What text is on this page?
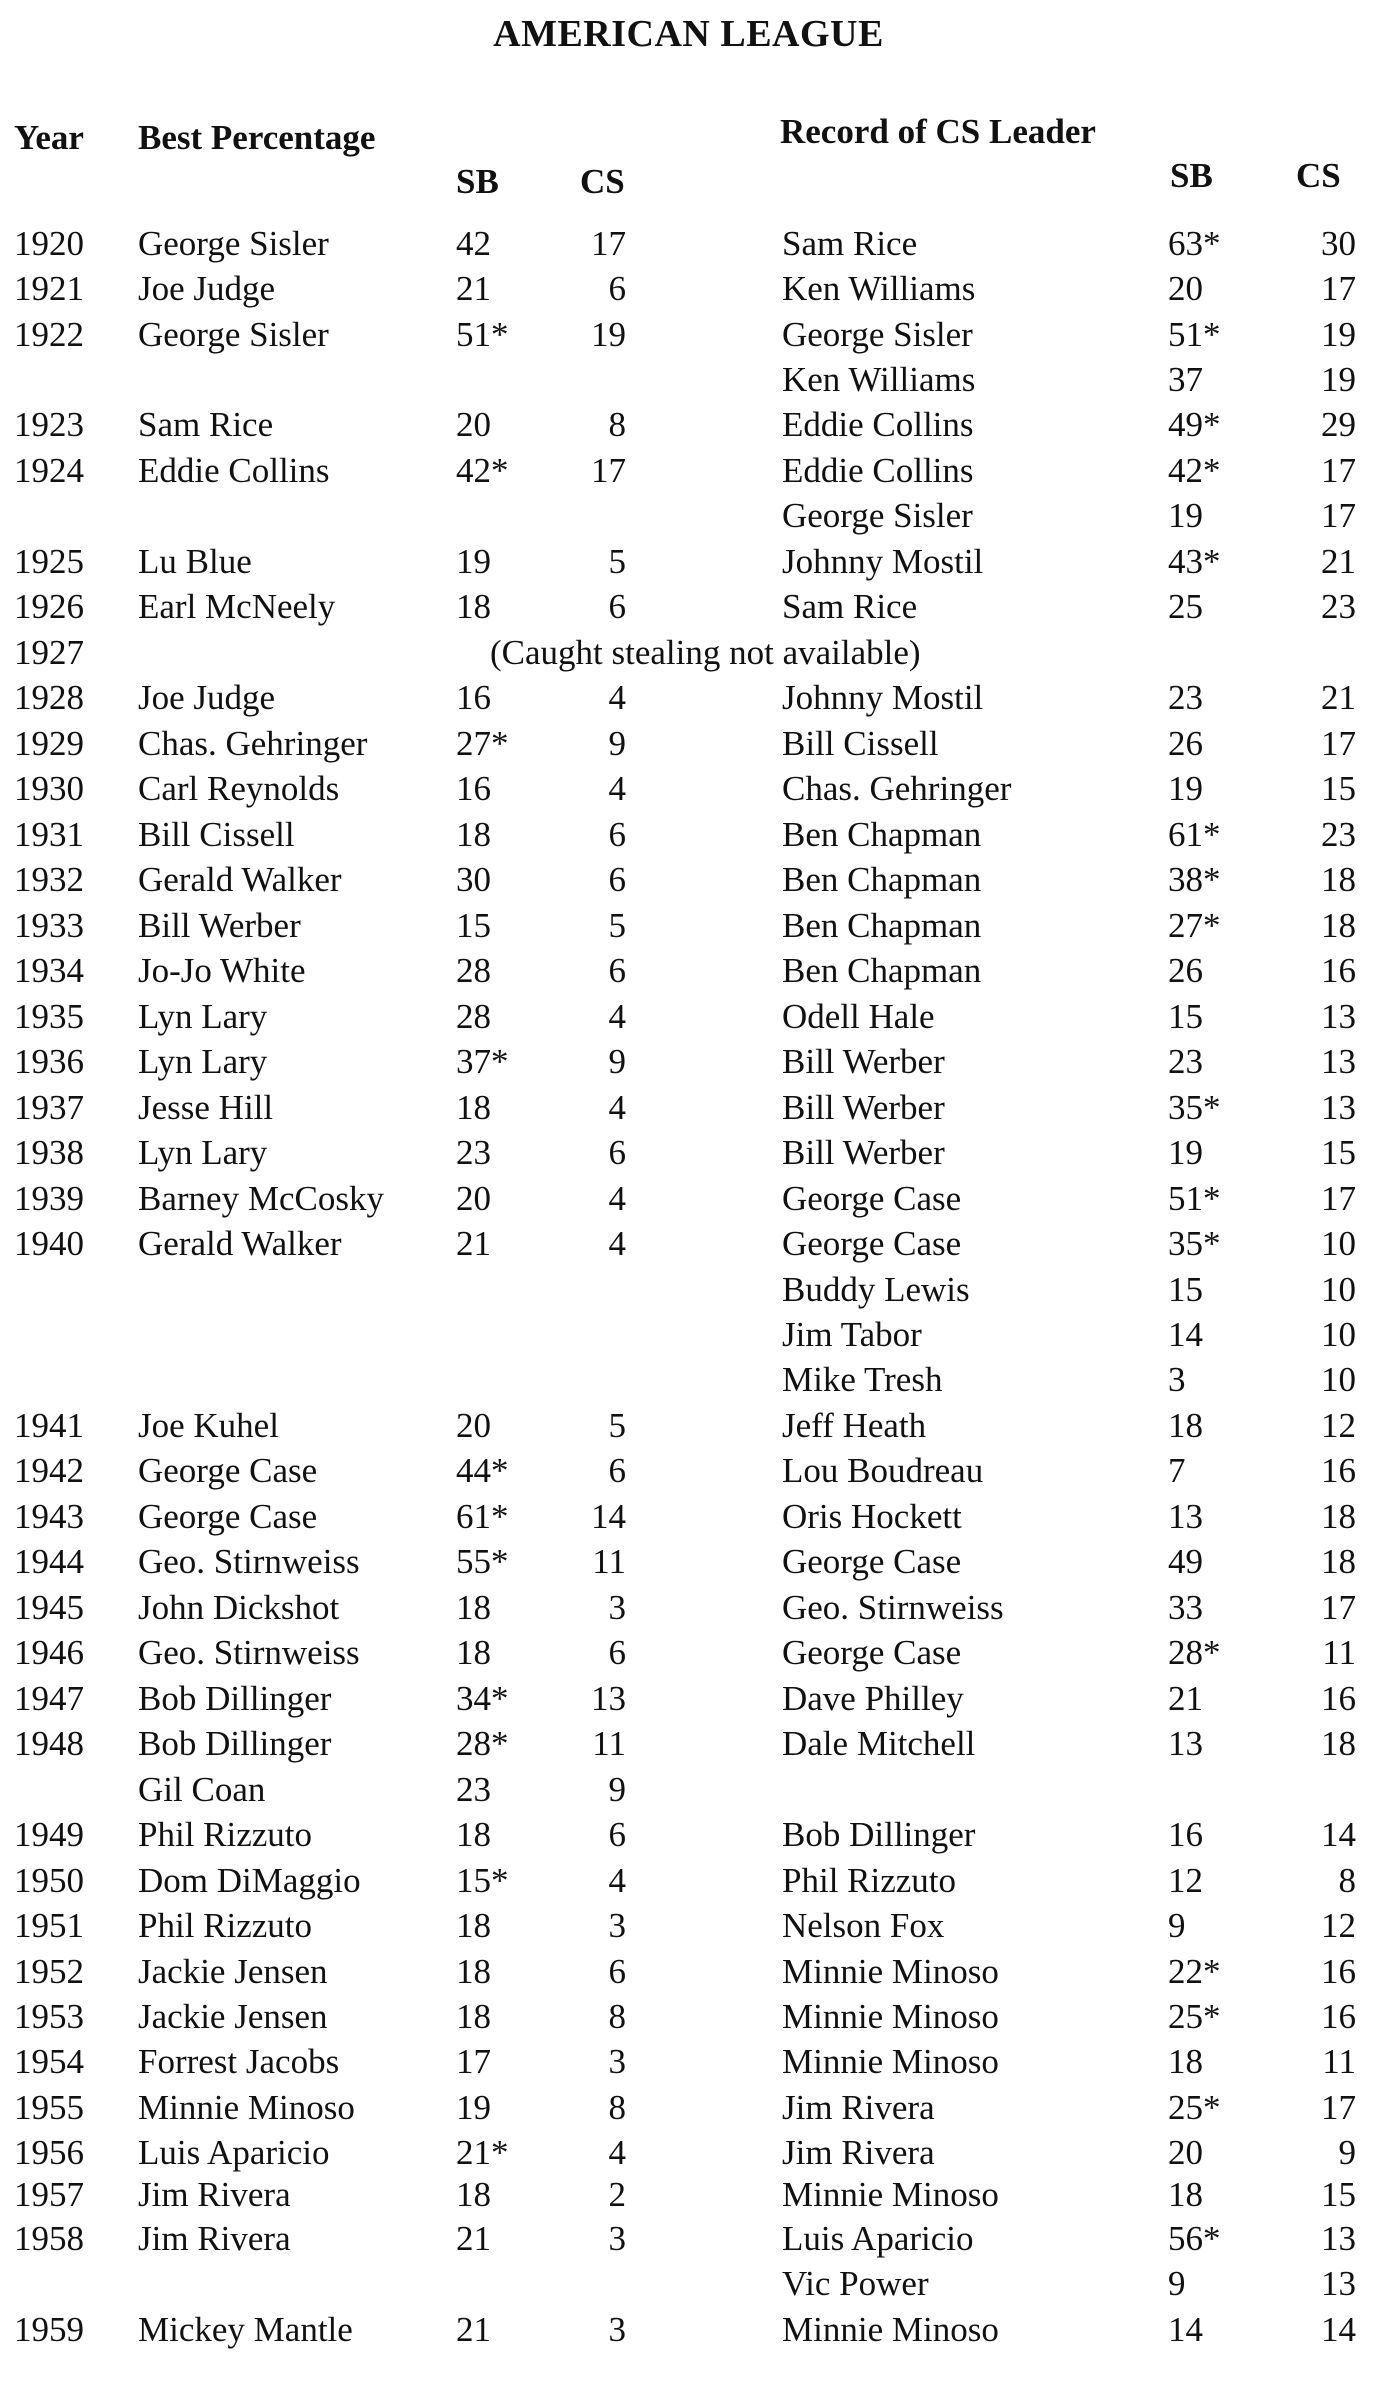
AMERICAN LEAGUE
Year Best Percentage
SB CS
Record of CS Leader
SB CS
1920 George Sisler	42	17	Sam Rice	63*	30
1921 Joe Judge	21	6	Ken Williams	20	17
1922 George Sisler	51*	19	George Sisler	51*	19
Ken Williams	37	19
1923 Sam Rice	20	8	Eddie Collins	49*	29
1924 Eddie Collins	42*	17	Eddie Collins	42*	17
George Sisler	19	17
1925 Lu Blue	19	5	Johnny Mostil	43*	21
1926 Earl McNeely	18	6	Sam Rice	25	23
1927	(Caught stealing not available)
1928 Joe Judge	16	4	Johnny Mostil	23	21
1929 Chas. Gehringer	27*	9	Bill Cissell	26	17
1930 Carl Reynolds	16	4	Chas. Gehringer	19	15
1931 Bill Cissell	18	6	Ben Chapman	61*	23
1932 Gerald Walker	30	6	Ben Chapman	38*	18
1933 Bill Werber	15	5	Ben Chapman	27*	18
1934 Jo-Jo White	28	6	Ben Chapman	26	16
1935 Lyn Lary	28	4	Odell Hale	15	13
1936 Lyn Lary	37*	9	Bill Werber	23	13
1937 Jesse Hill	18	4	Bill Werber	35*	13
1938 Lyn Lary	23	6	Bill Werber	19	15
1939 Barney McCosky 20	4	George Case	51*	17
1940 Gerald Walker	21	4	George Case	35*	10
Buddy Lewis	15	10
Jim Tabor	14	10
Mike Tresh	3	10
1941 Joe Kuhel	20	5	Jeff Heath	18	12
1942 George Case	44*	6	Lou Boudreau	7	16
1943 George Case	61*	14	Oris Hockett	13	18
1944 Geo. Stirnweiss	55*	11	George Case	49	18
1945 John Dickshot	18	3	Geo. Stirnweiss	33	17
1946 Geo. Stirnweiss	18	6	George Case	28*	11
1947 Bob Dillinger	34*	13	Dave Philley	21	16
1948 Bob Dillinger	28*	11	Dale Mitchell	13	18
Gil Coan	23	9
1949 Phil Rizzuto	18	6	Bob Dillinger	16	14
1950 Dom DiMaggio	15*	4	Phil Rizzuto	12	8
1951 Phil Rizzuto	18	3	Nelson Fox	9	12
1952 Jackie Jensen	18	6	Minnie Minoso	22*	16
1953 Jackie Jensen	18	8	Minnie Minoso	25*	16
1954 Forrest Jacobs	17	3	Minnie Minoso	18	11
1955 Minnie Minoso	19	8	Jim Rivera	25*	17
1956 Luis Aparicio	21*	4	Jim Rivera	20	9
1957 Jim Rivera	18	2	Minnie Minoso	18	15
1958 Jim Rivera	21	3	Luis Aparicio	56*	13
Vic Power	9	13
1959 Mickey Mantle	21	3	Minnie Minoso	14	14
